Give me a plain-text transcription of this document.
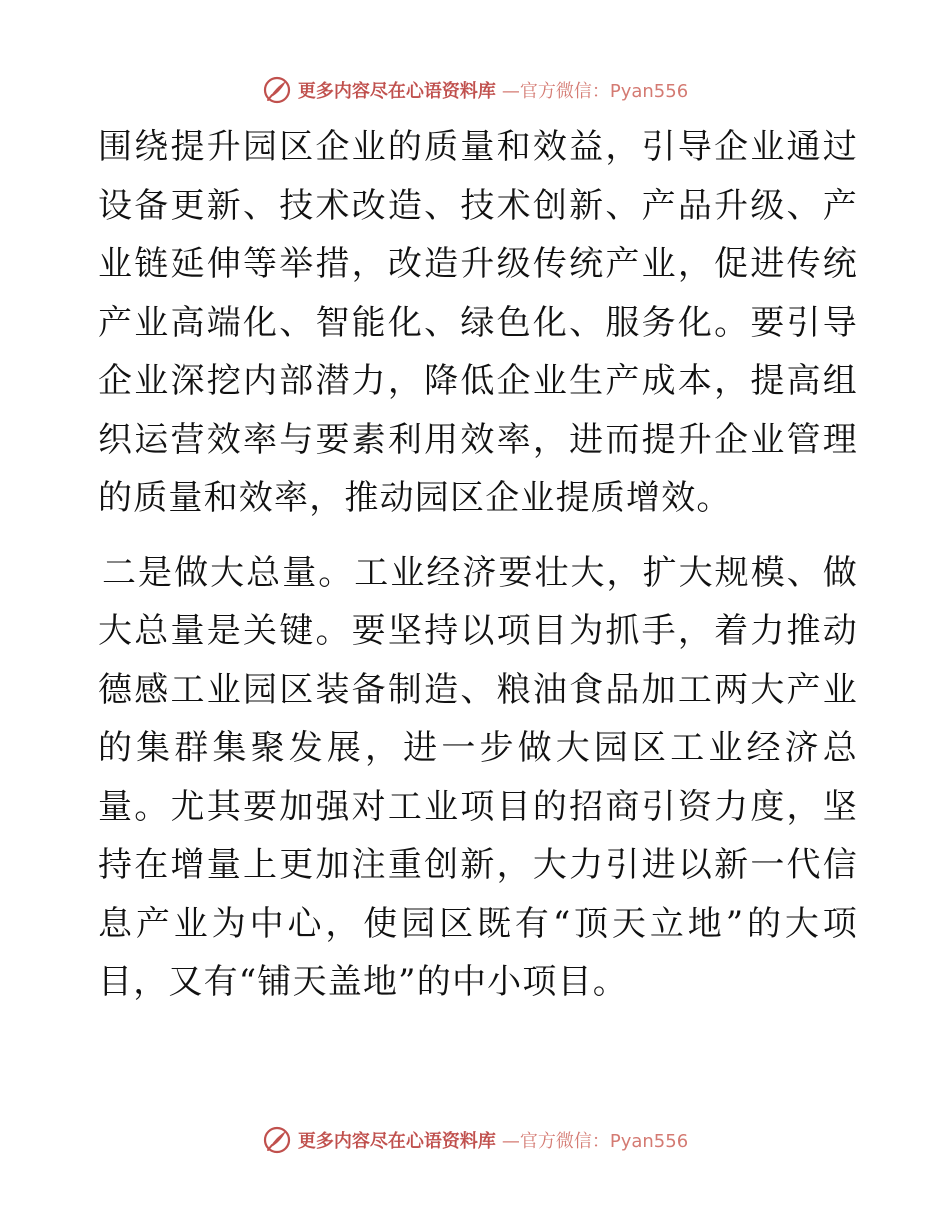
更多内容尽在心语资料库 —官方微信：Pyan556

围绕提升园区企业的质量和效益，引导企业通过设备更新、技术改造、技术创新、产品升级、产业链延伸等举措，改造升级传统产业，促进传统产业高端化、智能化、绿色化、服务化。要引导企业深挖内部潜力，降低企业生产成本，提高组织运营效率与要素利用效率，进而提升企业管理的质量和效率，推动园区企业提质增效。

二是做大总量。工业经济要壮大，扩大规模、做大总量是关键。要坚持以项目为抓手，着力推动德感工业园区装备制造、粮油食品加工两大产业的集群集聚发展，进一步做大园区工业经济总量。尤其要加强对工业项目的招商引资力度，坚持在增量上更加注重创新，大力引进以新一代信息产业为中心，使园区既有“顶天立地”的大项目，又有“铺天盖地”的中小项目。

更多内容尽在心语资料库 —官方微信：Pyan556
